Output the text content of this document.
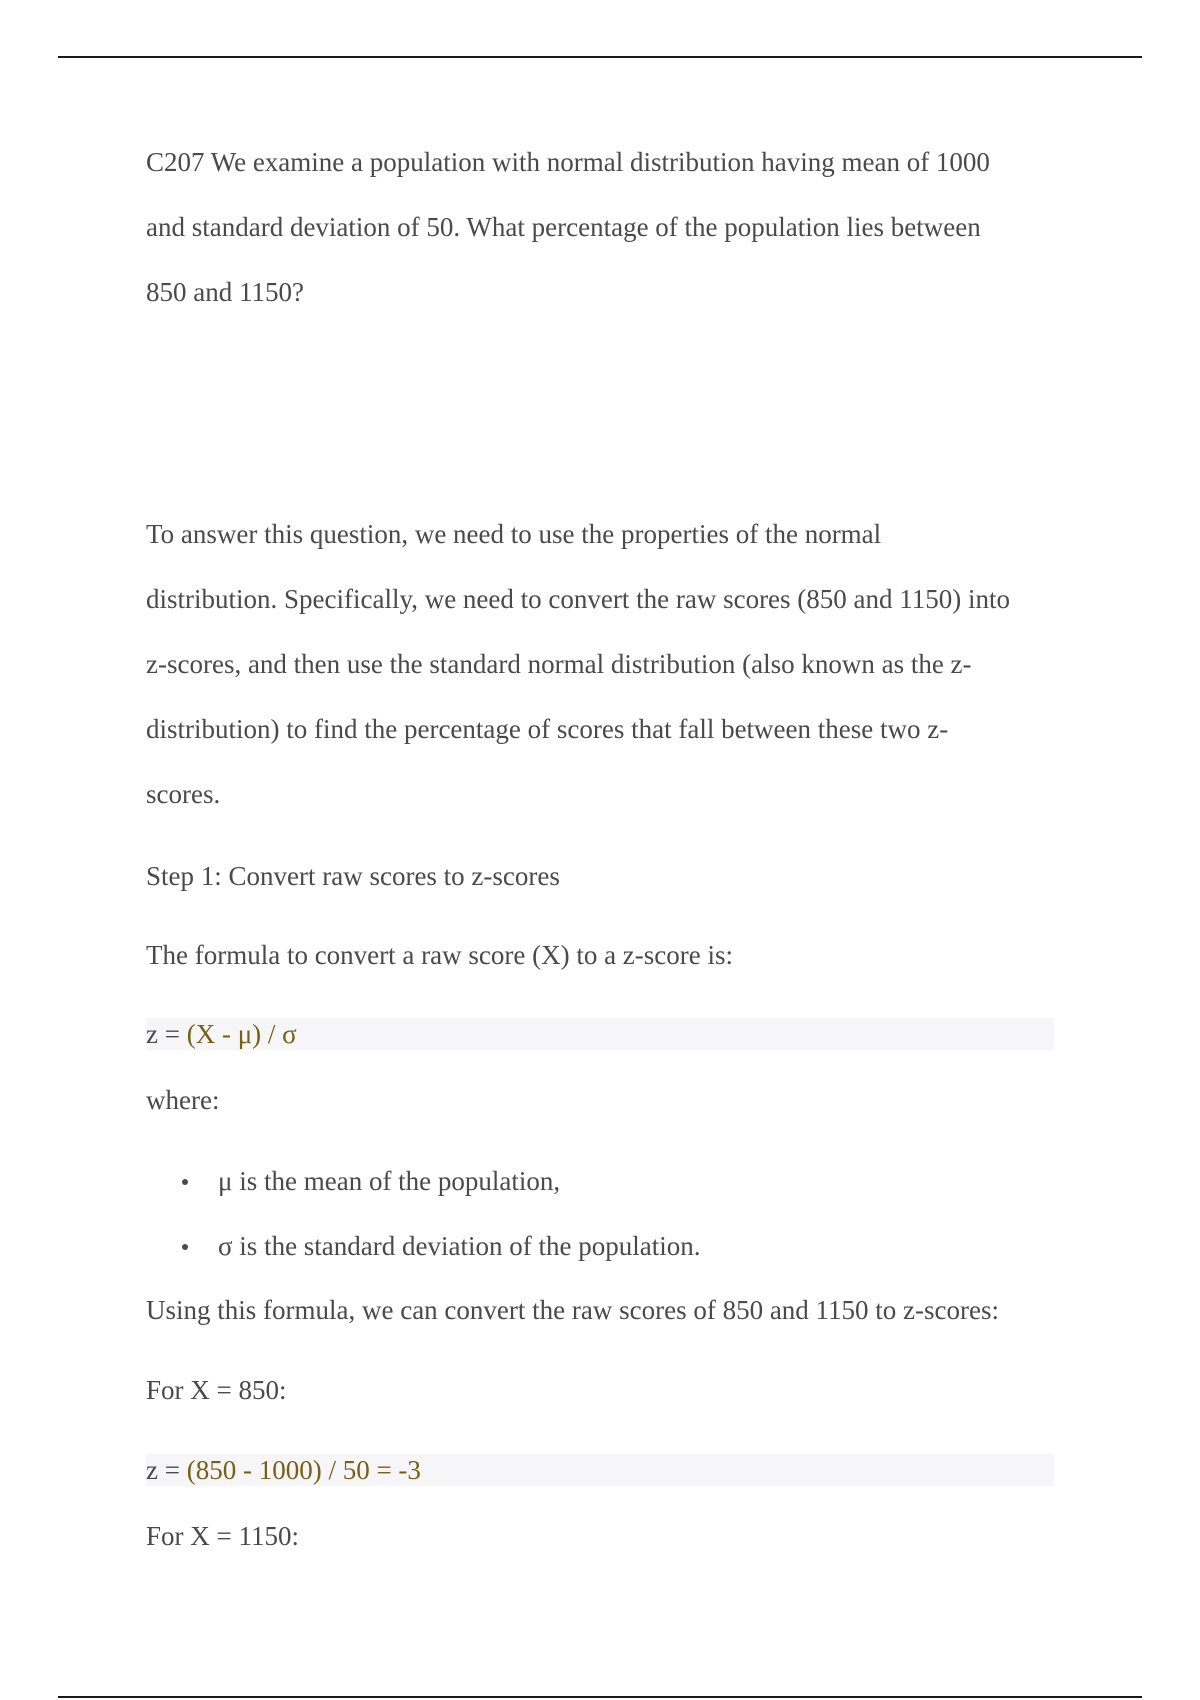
C207 We examine a population with normal distribution having mean of 1000
and standard deviation of 50. What percentage of the population lies between
850 and 1150?
To answer this question, we need to use the properties of the normal
distribution. Specifically, we need to convert the raw scores (850 and 1150) into
z-scores, and then use the standard normal distribution (also known as the z-
distribution) to find the percentage of scores that fall between these two z-
scores.
Step 1: Convert raw scores to z-scores
The formula to convert a raw score (X) to a z-score is:
z = (X - μ) / σ
where:
μ is the mean of the population,
σ is the standard deviation of the population.
Using this formula, we can convert the raw scores of 850 and 1150 to z-scores:
For X = 850:
z = (850 - 1000) / 50 = -3
For X = 1150:
